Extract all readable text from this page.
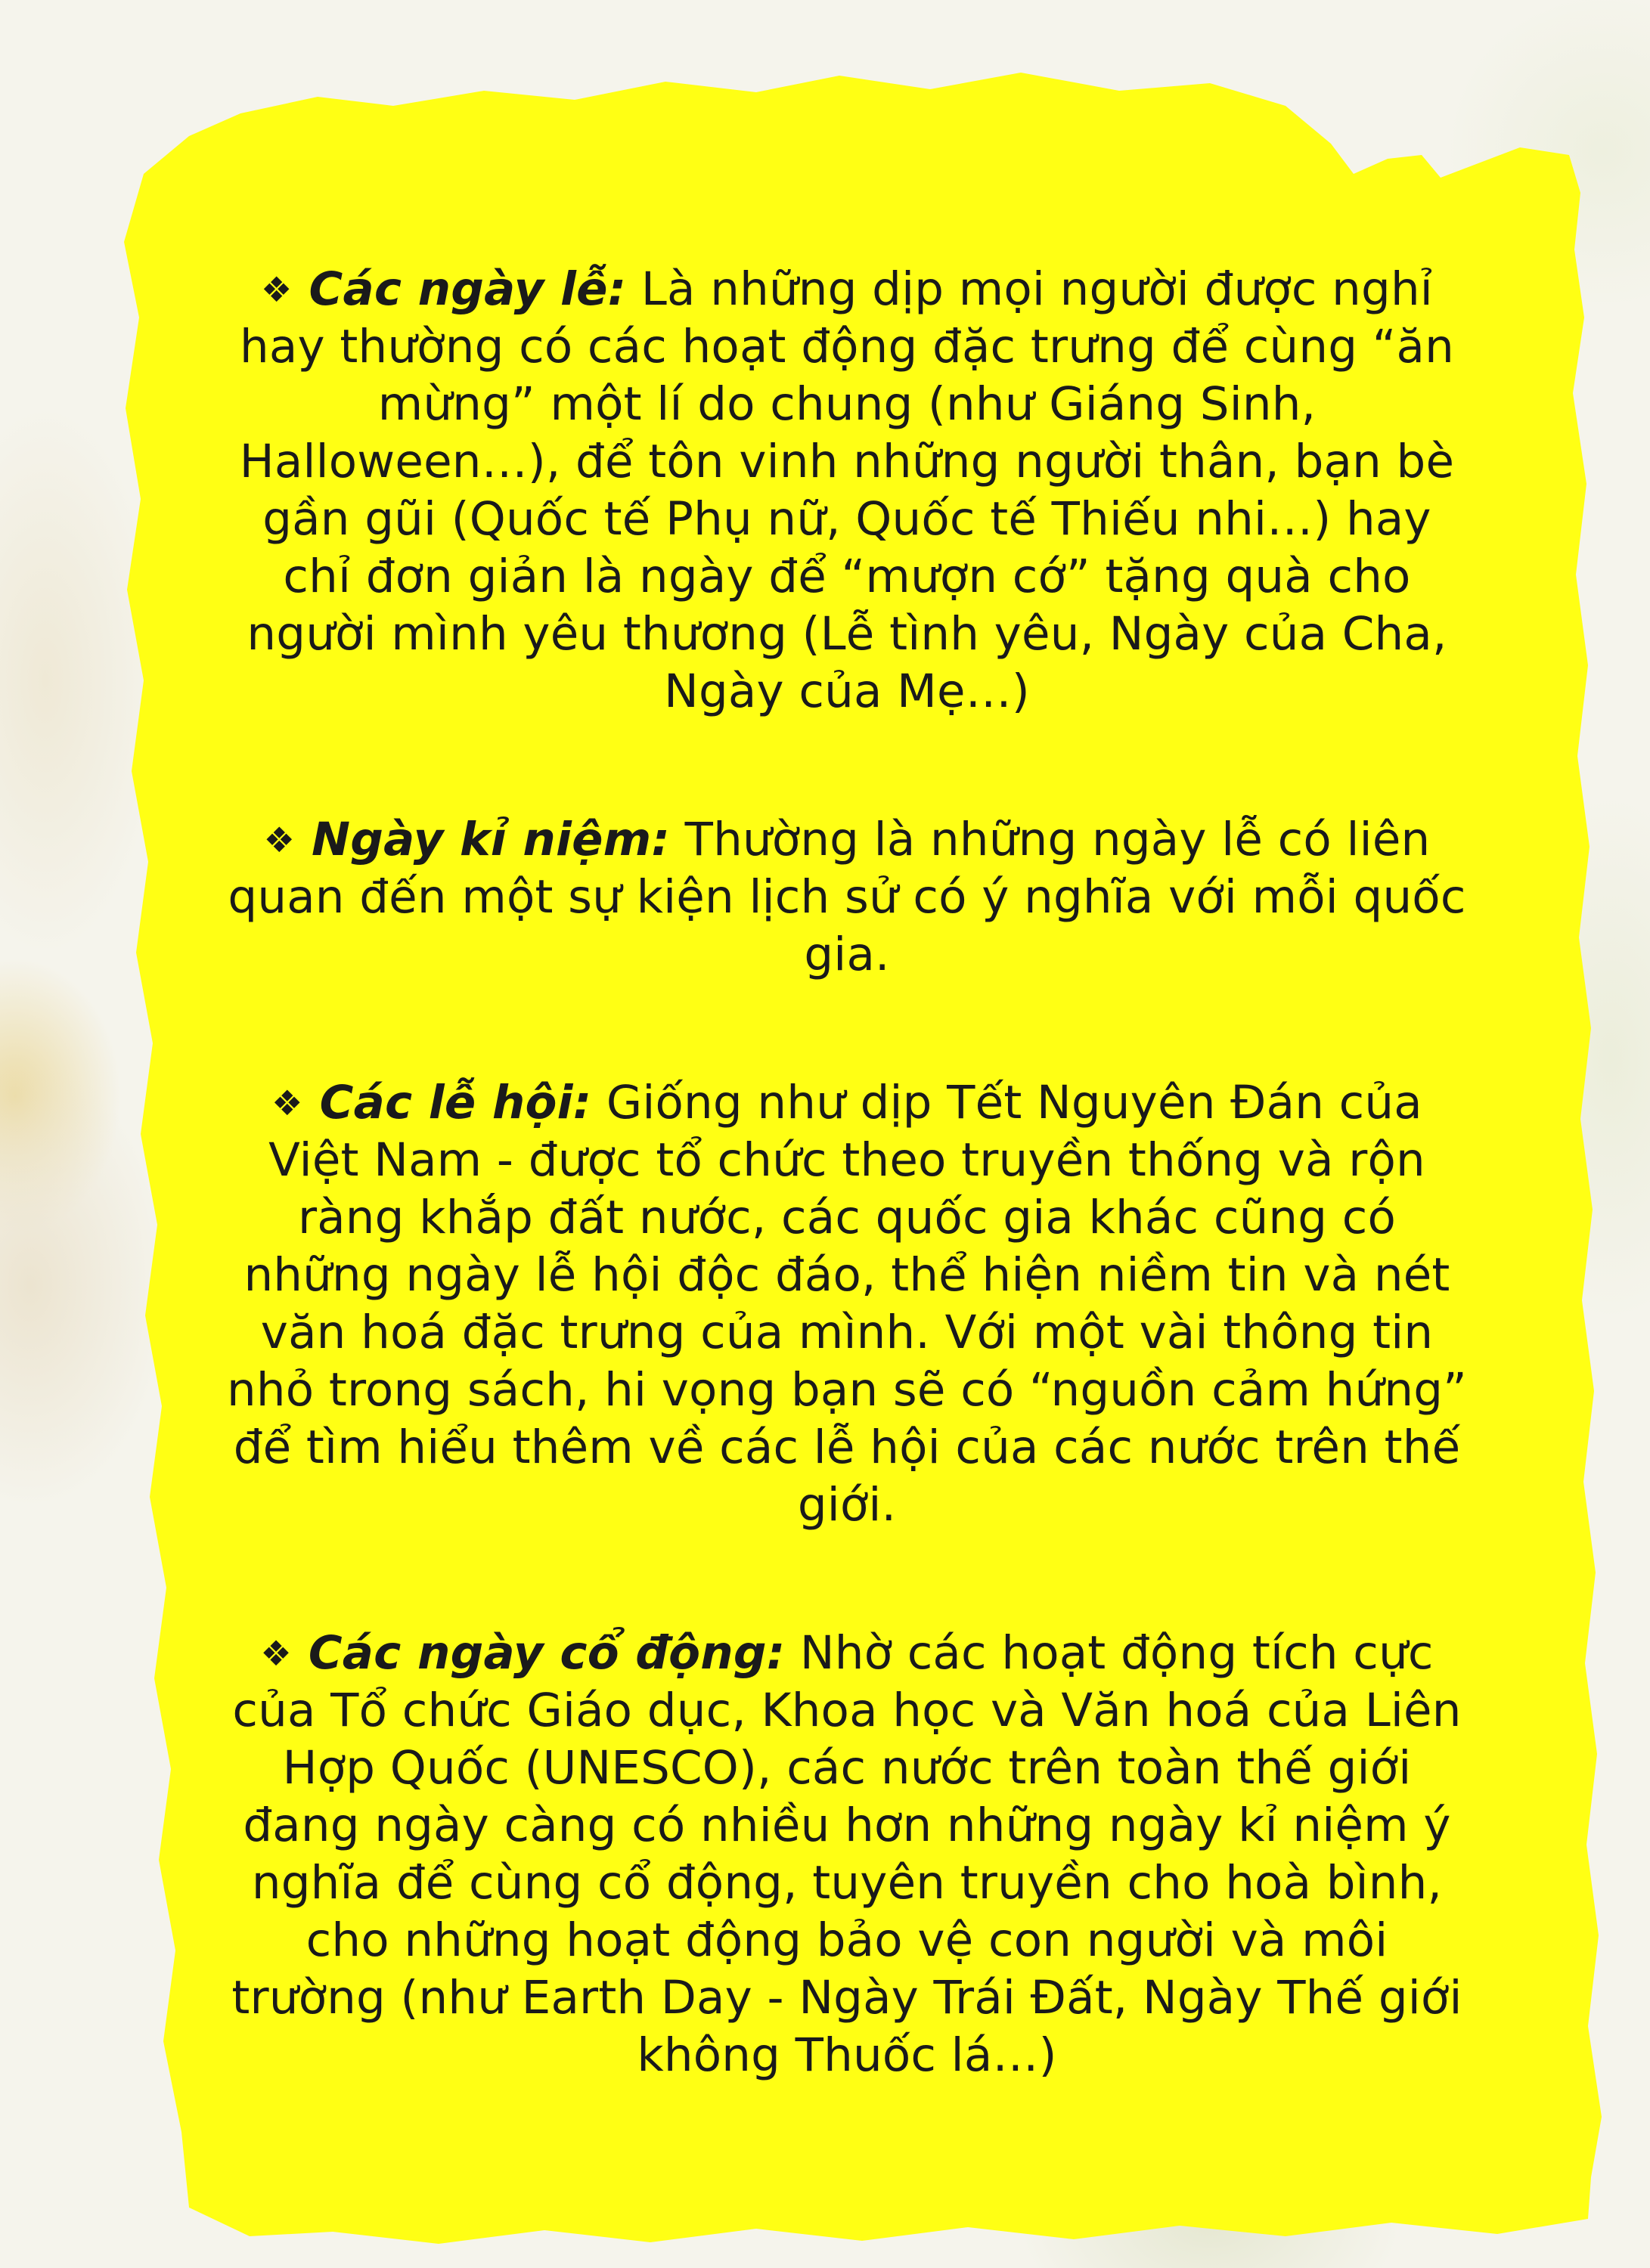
❖ Các ngày lễ: Là những dịp mọi người được nghỉ hay thường có các hoạt động đặc trưng để cùng “ăn mừng” một lí do chung (như Giáng Sinh, Halloween…), để tôn vinh những người thân, bạn bè gần gũi (Quốc tế Phụ nữ, Quốc tế Thiếu nhi…) hay chỉ đơn giản là ngày để “mượn cớ” tặng quà cho người mình yêu thương (Lễ tình yêu, Ngày của Cha, Ngày của Mẹ…)

❖ Ngày kỉ niệm: Thường là những ngày lễ có liên quan đến một sự kiện lịch sử có ý nghĩa với mỗi quốc gia.

❖ Các lễ hội: Giống như dịp Tết Nguyên Đán của Việt Nam - được tổ chức theo truyền thống và rộn ràng khắp đất nước, các quốc gia khác cũng có những ngày lễ hội độc đáo, thể hiện niềm tin và nét văn hoá đặc trưng của mình. Với một vài thông tin nhỏ trong sách, hi vọng bạn sẽ có “nguồn cảm hứng” để tìm hiểu thêm về các lễ hội của các nước trên thế giới.

❖ Các ngày cổ động: Nhờ các hoạt động tích cực của Tổ chức Giáo dục, Khoa học và Văn hoá của Liên Hợp Quốc (UNESCO), các nước trên toàn thế giới đang ngày càng có nhiều hơn những ngày kỉ niệm ý nghĩa để cùng cổ động, tuyên truyền cho hoà bình, cho những hoạt động bảo vệ con người và môi trường (như Earth Day - Ngày Trái Đất, Ngày Thế giới không Thuốc lá…)
